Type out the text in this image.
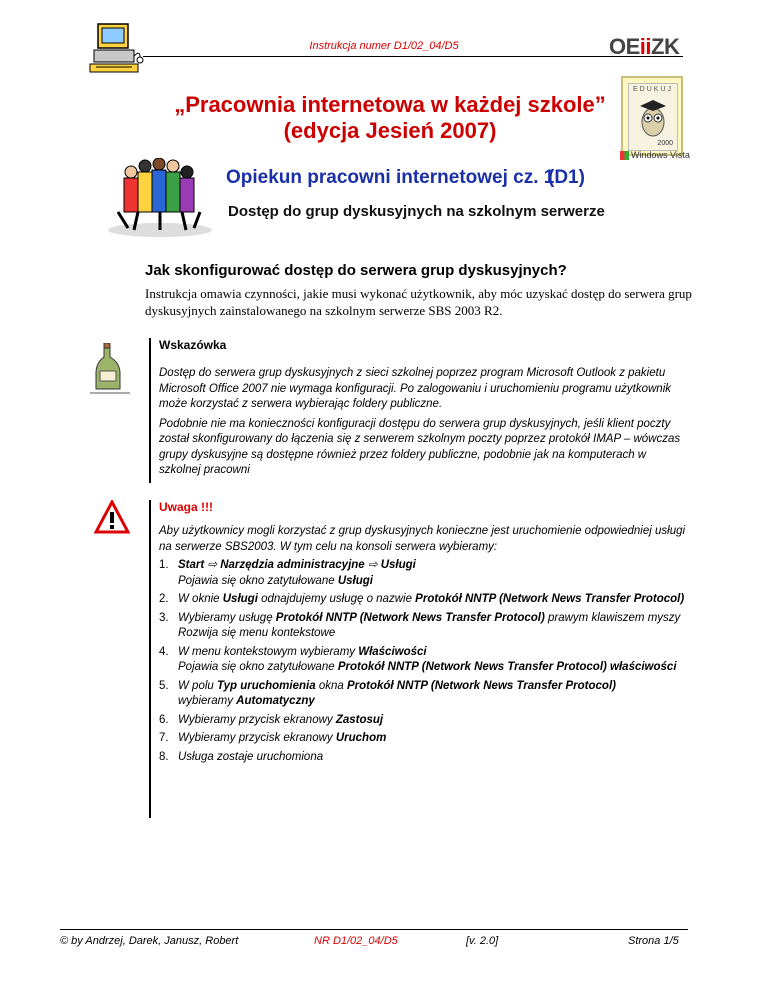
Instrukcja numer D1/02_04/D5	OEiiZK
„Pracownia internetowa w każdej szkole”
(edycja Jesień 2007)
EDUKUJ
2000
Windows Vista
Opiekun pracowni internetowej cz. 1
(D1)
Dostęp do grup dyskusyjnych na szkolnym serwerze
Jak skonfigurować dostęp do serwera grup dyskusyjnych?
Instrukcja omawia czynności, jakie musi wykonać użytkownik, aby móc uzyskać dostęp do serwera grup dyskusyjnych zainstalowanego na szkolnym serwerze SBS 2003 R2.
Wskazówka

Dostęp do serwera grup dyskusyjnych z sieci szkolnej poprzez program Microsoft Outlook z pakietu Microsoft Office 2007 nie wymaga konfiguracji. Po zalogowaniu i uruchomieniu programu użytkownik może korzystać z serwera wybierając foldery publiczne.

Podobnie nie ma konieczności konfiguracji dostępu do serwera grup dyskusyjnych, jeśli klient poczty został skonfigurowany do łączenia się z serwerem szkolnym poczty poprzez protokół IMAP – wówczas grupy dyskusyjne są dostępne również przez foldery publiczne, podobnie jak na komputerach w szkolnej pracowni

Uwaga !!!

Aby użytkownicy mogli korzystać z grup dyskusyjnych konieczne jest uruchomienie odpowiedniej usługi na serwerze SBS2003. W tym celu na konsoli serwera wybieramy:

1. Start ⇨ Narzędzia administracyjne ⇨ Usługi
Pojawia się okno zatytułowane Usługi
2. W oknie Usługi odnajdujemy usługę o nazwie Protokół NNTP (Network News Transfer Protocol)
3. Wybieramy usługę Protokół NNTP (Network News Transfer Protocol) prawym klawiszem myszy
Rozwija się menu kontekstowe
4. W menu kontekstowym wybieramy Właściwości
Pojawia się okno zatytułowane Protokół NNTP (Network News Transfer Protocol) właściwości
5. W polu Typ uruchomienia okna Protokół NNTP (Network News Transfer Protocol)
wybieramy Automatyczny
6. Wybieramy przycisk ekranowy Zastosuj
7. Wybieramy przycisk ekranowy Uruchom
8. Usługa zostaje uruchomiona
© by Andrzej, Darek, Janusz, Robert	NR D1/02_04/D5	[v. 2.0]	Strona 1/5
